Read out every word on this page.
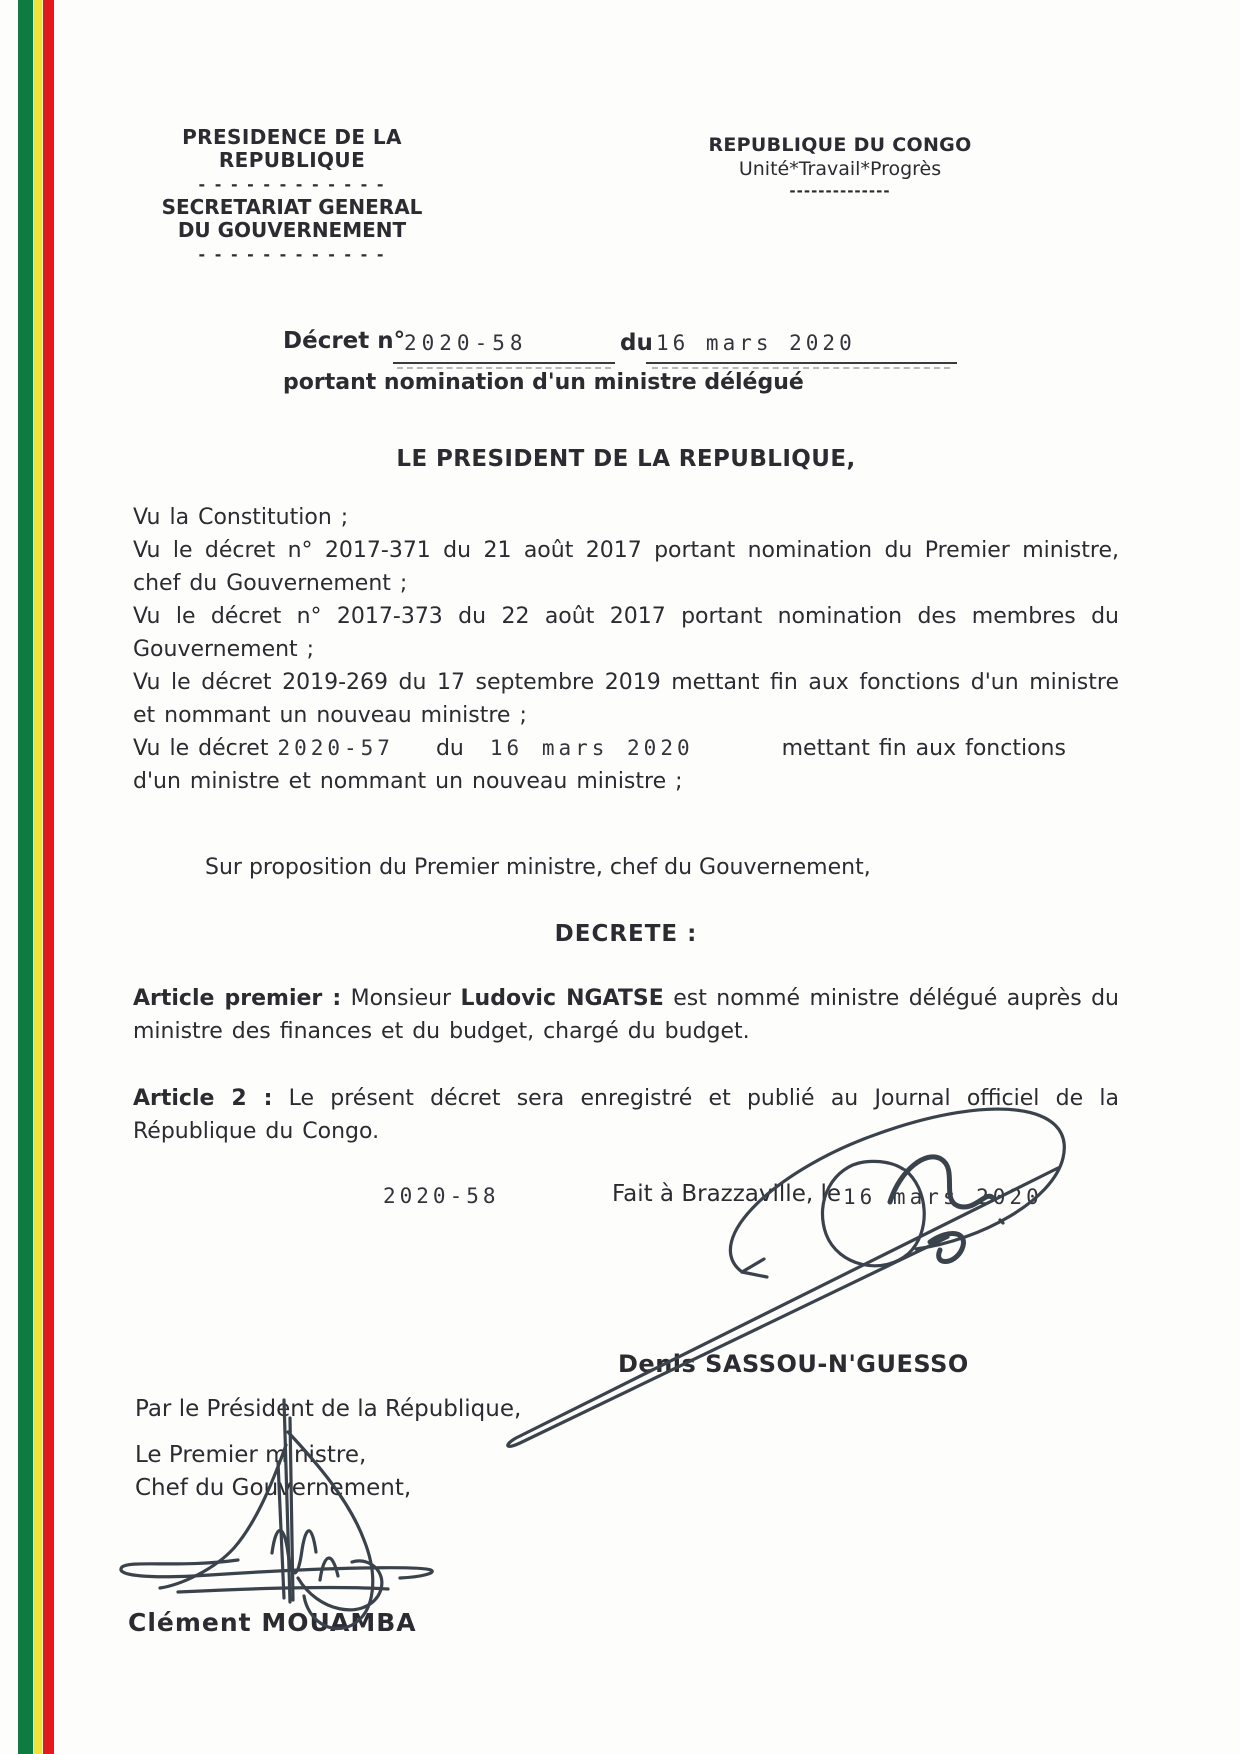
PRESIDENCE DE LA REPUBLIQUE
- - - - - - - - - - - -
SECRETARIAT GENERAL
DU GOUVERNEMENT
- - - - - - - - - - - -
REPUBLIQUE DU CONGO
Unité*Travail*Progrès
--------------
Décret n°
2020-58	du 16 mars 2020
portant nomination d'un ministre délégué
LE PRESIDENT DE LA REPUBLIQUE,

Vu la Constitution ;

Vu le décret n° 2017-371 du 21 août 2017 portant nomination du Premier ministre, chef du Gouvernement ;

Vu le décret n° 2017-373 du 22 août 2017 portant nomination des membres du Gouvernement ;

Vu le décret 2019-269 du 17 septembre 2019 mettant fin aux fonctions d'un ministre et nommant un nouveau ministre ;

Vu le décret 2020-57 du 16 mars 2020	mettant fin aux fonctions d'un ministre et nommant un nouveau ministre ;

Sur proposition du Premier ministre, chef du Gouvernement,
DECRETE :

Article premier : Monsieur Ludovic NGATSE est nommé ministre délégué auprès du ministre des finances et du budget, chargé du budget.

Article 2 : Le présent décret sera enregistré et publié au Journal officiel de la République du Congo.

2020-58	Fait à Brazzaville, le 16 mars 2020
Denis SASSOU-N'GUESSO
Par le Président de la République,
Le Premier ministre,
Chef du Gouvernement,
Clément MOUAMBA
